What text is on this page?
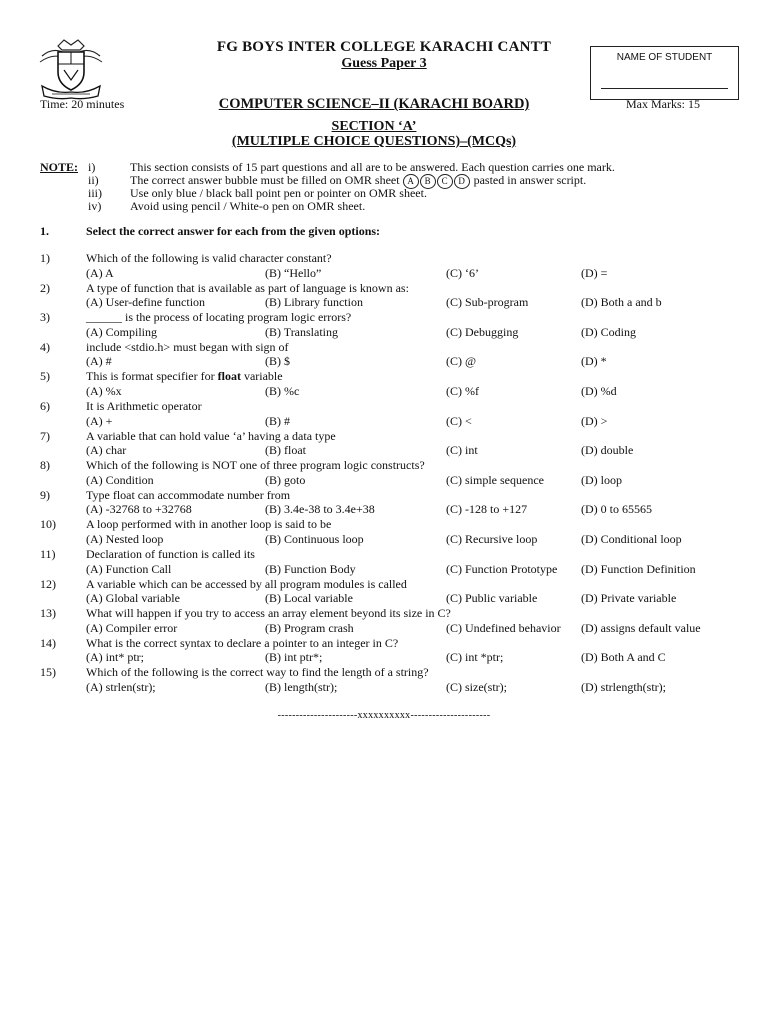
FG BOYS INTER COLLEGE KARACHI CANTT
Guess Paper 3	NAME OF STUDENT
Time: 20 minutes	COMPUTER SCIENCE–II (KARACHI BOARD)	Max Marks: 15
SECTION ‘A’
(MULTIPLE CHOICE QUESTIONS)–(MCQs)
NOTE: i)	This section consists of 15 part questions and all are to be answered. Each question carries one mark.
ii)	The correct answer bubble must be filled on OMR sheet A B C D pasted in answer script.
iii) Use only blue / black ball point pen or pointer on OMR sheet.
iv) Avoid using pencil / White-o pen on OMR sheet.
1.	Select the correct answer for each from the given options:
1)	Which of the following is valid character constant?
(A) A	(B) “Hello”	(C) ‘6’	(D) =
2)	A type of function that is available as part of language is known as:
(A) User-define function	(B) Library function	(C) Sub-program	(D) Both a and b
3)	______ is the process of locating program logic errors?
(A) Compiling	(B) Translating	(C) Debugging	(D) Coding
4)	include <stdio.h> must began with sign of
(A) #	(B) $	(C) @	(D) *
5)	This is format specifier for float variable
(A) %x	(B) %c	(C) %f	(D) %d
6)	It is Arithmetic operator
(A) +	(B) #	(C) <	(D) >
7)	A variable that can hold value ‘a’ having a data type
(A) char	(B) float	(C) int	(D) double
8)	Which of the following is NOT one of three program logic constructs?
(A) Condition	(B) goto	(C) simple sequence	(D) loop
9)	Type float can accommodate number from
(A) -32768 to +32768	(B) 3.4e-38 to 3.4e+38	(C) -128 to +127	(D) 0 to 65565
10)	A loop performed with in another loop is said to be
(A) Nested loop	(B) Continuous loop	(C) Recursive loop	(D) Conditional loop
11)	Declaration of function is called its
(A) Function Call	(B) Function Body	(C) Function Prototype (D) Function Definition
12)	A variable which can be accessed by all program modules is called
(A) Global variable	(B) Local variable	(C) Public variable	(D) Private variable
13)	What will happen if you try to access an array element beyond its size in C?
(A) Compiler error	(B) Program crash	(C) Undefined behavior (D) assigns default value
14)	What is the correct syntax to declare a pointer to an integer in C?
(A) int* ptr;	(B) int ptr*;	(C) int *ptr;	(D) Both A and C
15)	Which of the following is the correct way to find the length of a string?
(A) strlen(str);	(B) length(str);	(C) size(str);	(D) strlength(str);
----------------------xxxxxxxxxx----------------------
